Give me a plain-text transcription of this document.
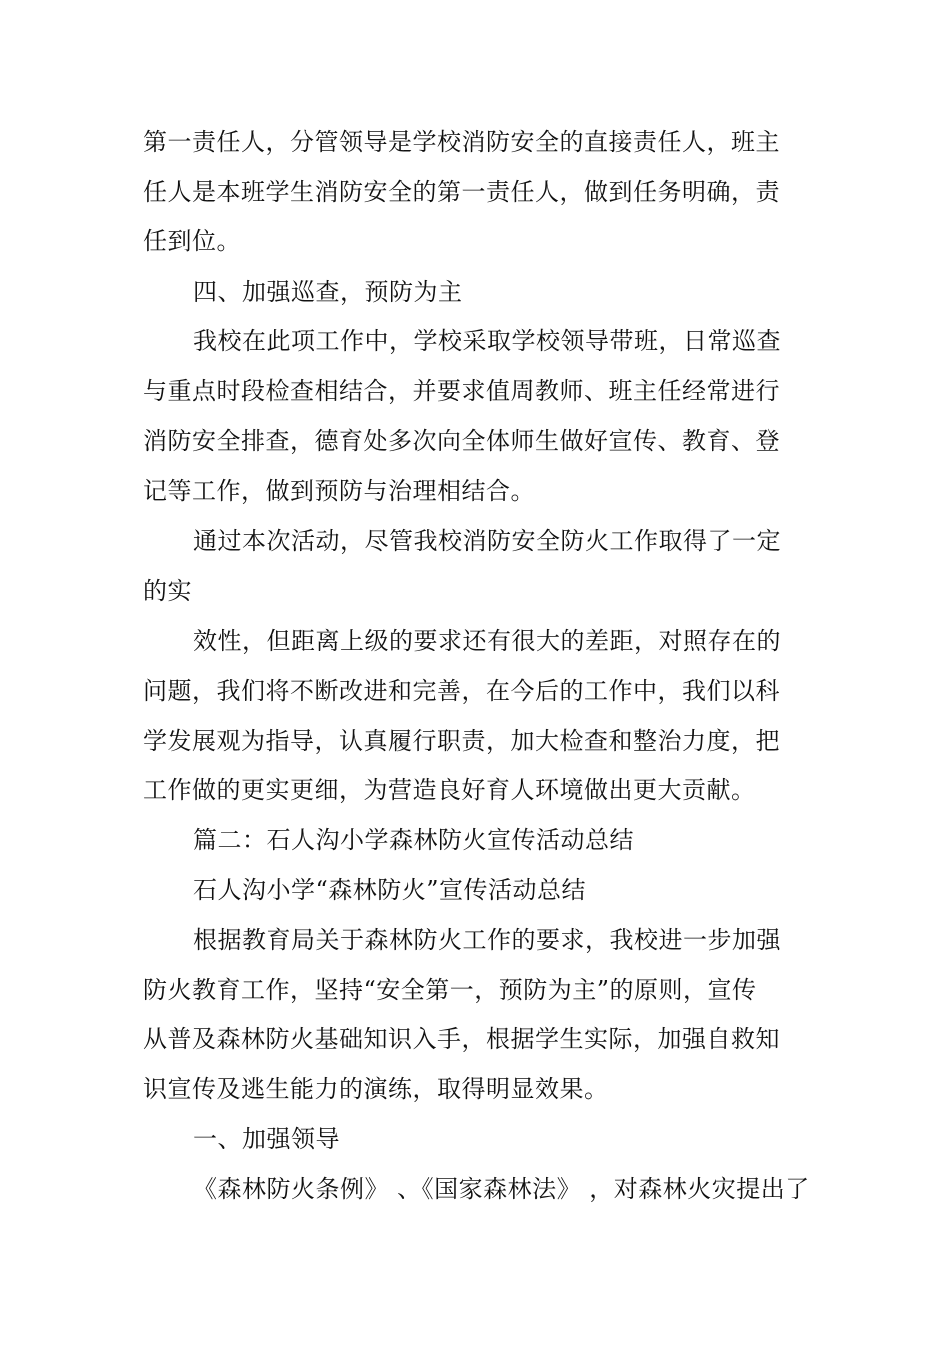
第一责任人，分管领导是学校消防安全的直接责任人，班主
任人是本班学生消防安全的第一责任人，做到任务明确，责
任到位。
四、加强巡查，预防为主
我校在此项工作中，学校采取学校领导带班，日常巡查
与重点时段检查相结合，并要求值周教师、班主任经常进行
消防安全排查，德育处多次向全体师生做好宣传、教育、登
记等工作，做到预防与治理相结合。
通过本次活动，尽管我校消防安全防火工作取得了一定
的实
效性，但距离上级的要求还有很大的差距，对照存在的
问题，我们将不断改进和完善，在今后的工作中，我们以科
学发展观为指导，认真履行职责，加大检查和整治力度，把
工作做的更实更细，为营造良好育人环境做出更大贡献。
篇二：石人沟小学森林防火宣传活动总结
石人沟小学“森林防火”宣传活动总结
根据教育局关于森林防火工作的要求，我校进一步加强
防火教育工作，坚持“安全第一，预防为主”的原则，宣传
从普及森林防火基础知识入手，根据学生实际，加强自救知
识宣传及逃生能力的演练，取得明显效果。
一、加强领导
《森林防火条例》 、《国家森林法》 ，对森林火灾提出了
